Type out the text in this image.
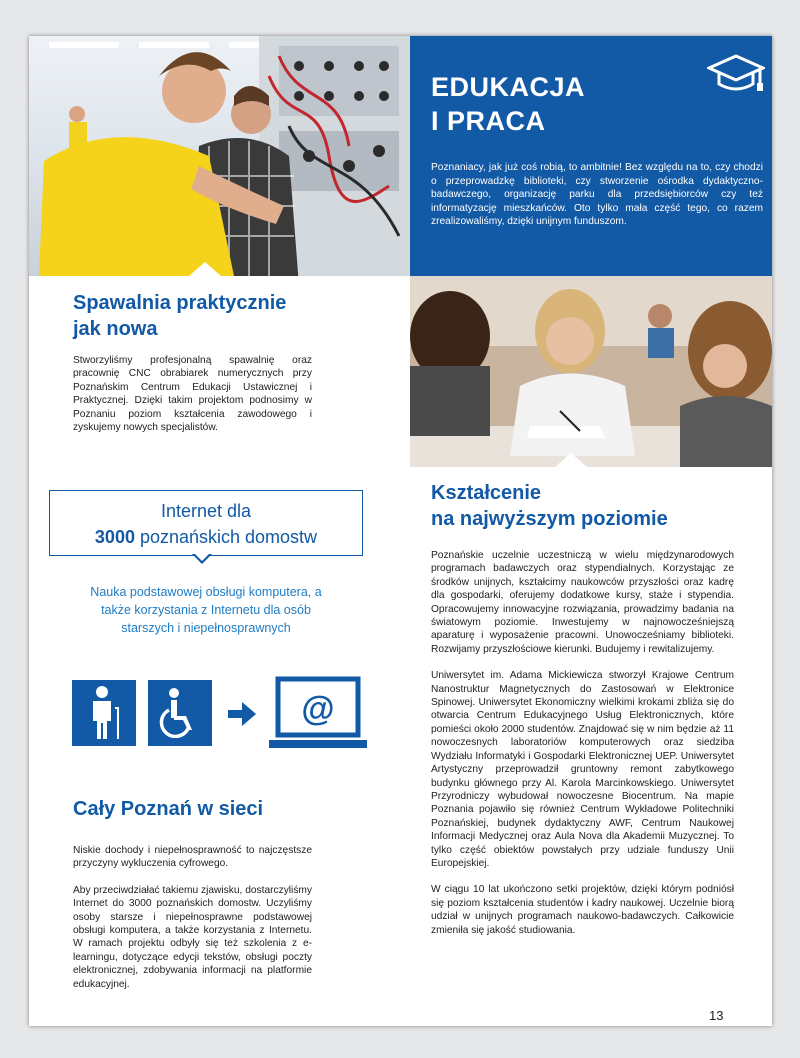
EDUKACJA
I PRACA
Poznaniacy, jak już coś robią, to ambitnie! Bez względu na to, czy chodzi o przeprowadzkę biblioteki, czy stworzenie ośrodka dydaktyczno-badawczego, organizację parku dla przedsiębiorców czy też informatyzację mieszkańców. Oto tylko mała część tego, co razem zrealizowaliśmy, dzięki unijnym funduszom.
Spawalnia praktycznie
jak nowa
Stworzyliśmy profesjonalną spawalnię oraz pracownię CNC obrabiarek numerycznych przy Poznańskim Centrum Edukacji Ustawicznej i Praktycznej. Dzięki takim projektom podnosimy w Poznaniu poziom kształcenia zawodowego i zyskujemy nowych specjalistów.
Internet dla
3000 poznańskich domostw
Nauka podstawowej obsługi komputera, a także korzystania z Internetu dla osób starszych i niepełnosprawnych
@
Cały Poznań w sieci

Niskie dochody i niepełnosprawność to najczęstsze przyczyny wykluczenia cyfrowego.

Aby przeciwdziałać takiemu zjawisku, dostarczyliśmy Internet do 3000 poznańskich domostw. Uczyliśmy osoby starsze i niepełnosprawne podstawowej obsługi komputera, a także korzystania z Internetu. W ramach projektu odbyły się też szkolenia z e-learningu, dotyczące edycji tekstów, obsługi poczty elektronicznej, zdobywania informacji na platformie edukacyjnej.

Kształcenie
na najwyższym poziomie

Poznańskie uczelnie uczestniczą w wielu międzynarodowych programach badawczych oraz stypendialnych. Korzystając ze środków unijnych, kształcimy naukowców przyszłości oraz kadrę dla gospodarki, oferujemy dodatkowe kursy, staże i stypendia. Opracowujemy innowacyjne rozwiązania, prowadzimy badania na światowym poziomie. Inwestujemy w najnowocześniejszą aparaturę i wyposażenie pracowni. Unowocześniamy biblioteki. Rozwijamy przyszłościowe kierunki. Budujemy i rewitalizujemy.

Uniwersytet im. Adama Mickiewicza stworzył Krajowe Centrum Nanostruktur Magnetycznych do Zastosowań w Elektronice Spinowej. Uniwersytet Ekonomiczny wielkimi krokami zbliża się do otwarcia Centrum Edukacyjnego Usług Elektronicznych, które pomieści około 2000 studentów. Znajdować się w nim będzie aż 11 nowoczesnych laboratoriów komputerowych oraz siedziba Wydziału Informatyki i Gospodarki Elektronicznej UEP. Uniwersytet Artystyczny przeprowadził gruntowny remont zabytkowego budynku głównego przy Al. Karola Marcinkowskiego. Uniwersytet Przyrodniczy wybudował nowoczesne Biocentrum. Na mapie Poznania pojawiło się również Centrum Wykładowe Politechniki Poznańskiej, budynek dydaktyczny AWF, Centrum Naukowej Informacji Medycznej oraz Aula Nova dla Akademii Muzycznej. To tylko część obiektów powstałych przy udziale funduszy Unii Europejskiej.

W ciągu 10 lat ukończono setki projektów, dzięki którym podniósł się poziom kształcenia studentów i kadry naukowej. Uczelnie biorą udział w unijnych programach naukowo-badawczych. Całkowicie zmieniła się jakość studiowania.

13
